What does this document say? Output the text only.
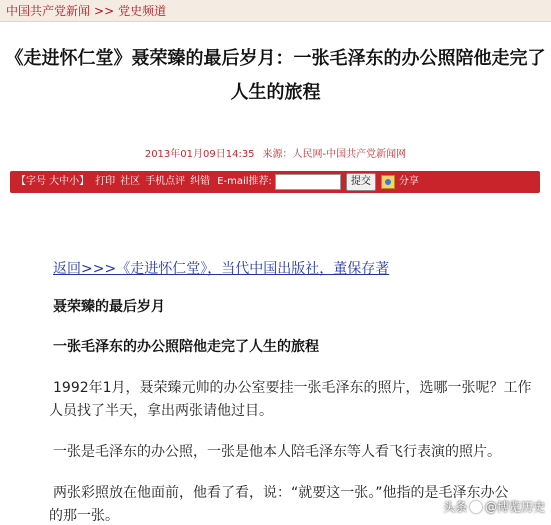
中国共产党新闻 >> 党史频道
《走进怀仁堂》聂荣臻的最后岁月：一张毛泽东的办公照陪他走完了
人生的旅程
2013年01月09日14:35 来源：人民网-中国共产党新闻网
【字号 大中小】 打印 社区 手机点评 纠错 E-mail推荐:	提交	分享
返回>>>《走进怀仁堂》，当代中国出版社，董保存著
聂荣臻的最后岁月
一张毛泽东的办公照陪他走完了人生的旅程
1992年1月，聂荣臻元帅的办公室要挂一张毛泽东的照片，选哪一张呢？工作
人员找了半天，拿出两张请他过目。
一张是毛泽东的办公照，一张是他本人陪毛泽东等人看飞行表演的照片。
两张彩照放在他面前，他看了看，说：“就要这一张。”他指的是毛泽东办公
的那一张。
头条 @博览历史
